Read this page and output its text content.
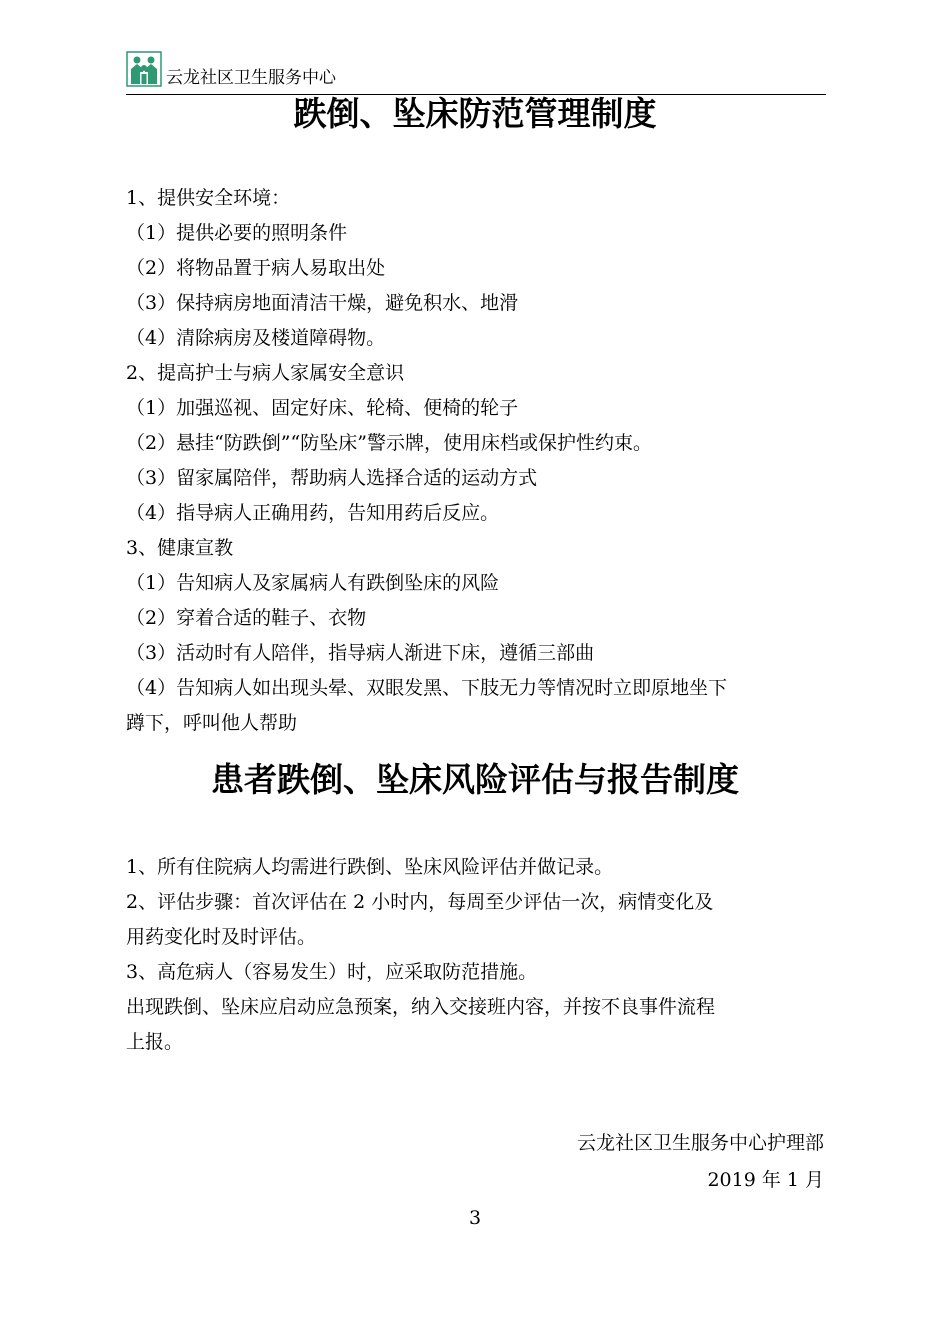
云龙社区卫生服务中心
跌倒、坠床防范管理制度
1、提供安全环境：
（1）提供必要的照明条件
（2）将物品置于病人易取出处
（3）保持病房地面清洁干燥，避免积水、地滑
（4）清除病房及楼道障碍物。
2、提高护士与病人家属安全意识
（1）加强巡视、固定好床、轮椅、便椅的轮子
（2）悬挂“防跌倒”“防坠床”警示牌，使用床档或保护性约束。
（3）留家属陪伴，帮助病人选择合适的运动方式
（4）指导病人正确用药，告知用药后反应。
3、健康宣教
（1）告知病人及家属病人有跌倒坠床的风险
（2）穿着合适的鞋子、衣物
（3）活动时有人陪伴，指导病人渐进下床，遵循三部曲
（4）告知病人如出现头晕、双眼发黑、下肢无力等情况时立即原地坐下
蹲下，呼叫他人帮助
患者跌倒、坠床风险评估与报告制度
1、所有住院病人均需进行跌倒、坠床风险评估并做记录。
2、评估步骤：首次评估在 2 小时内，每周至少评估一次，病情变化及
用药变化时及时评估。
3、高危病人（容易发生）时，应采取防范措施。
出现跌倒、坠床应启动应急预案，纳入交接班内容，并按不良事件流程
上报。
云龙社区卫生服务中心护理部
2019 年 1 月
3
